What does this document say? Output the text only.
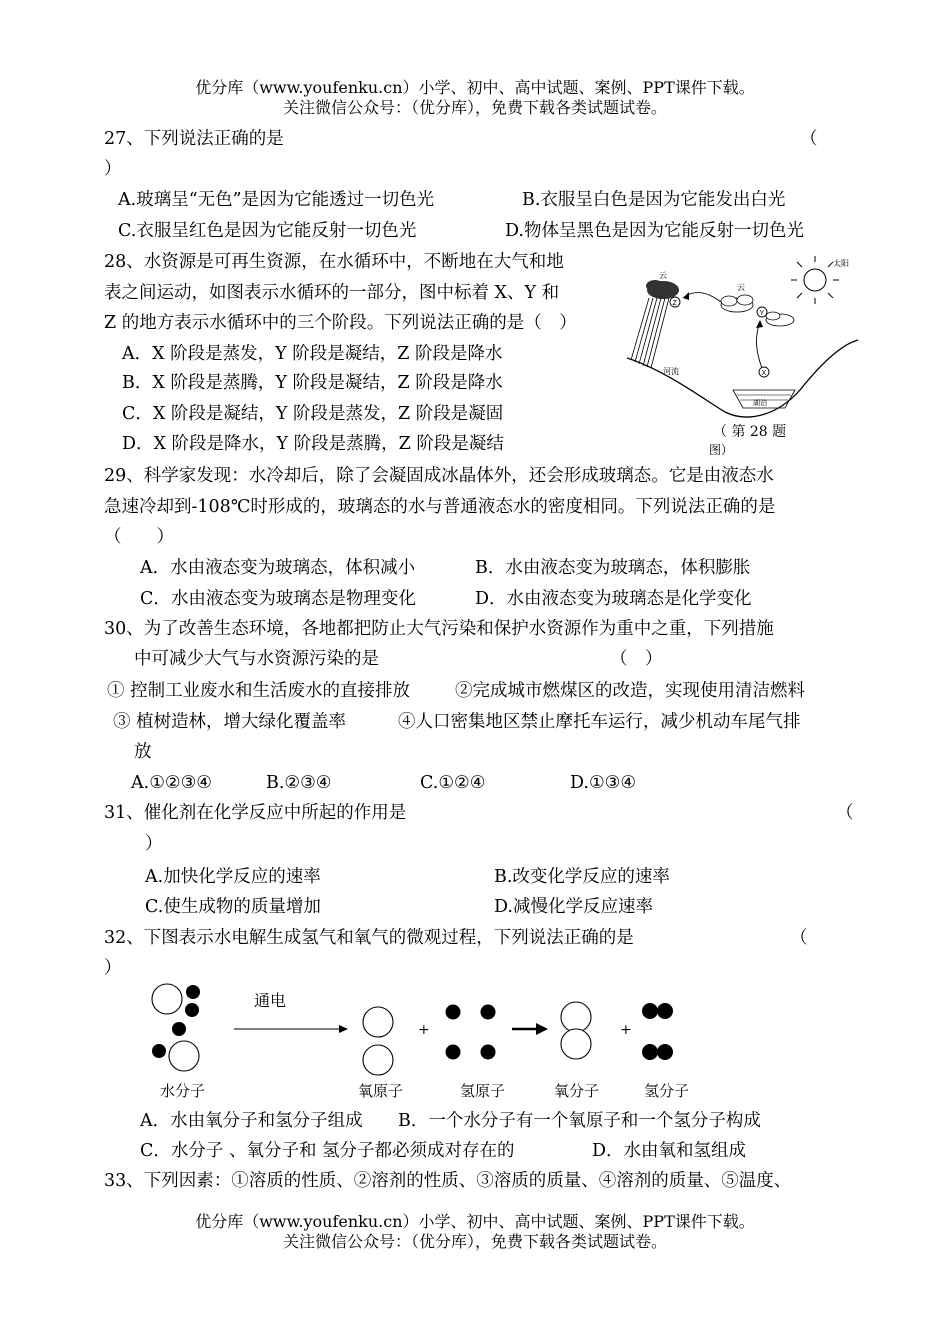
优分库（www.youfenku.cn）小学、初中、高中试题、案例、PPT课件下载。
关注微信公众号：（优分库），免费下载各类试题试卷。
27、下列说法正确的是	（
）
A.玻璃呈“无色”是因为它能透过一切色光	B.衣服呈白色是因为它能发出白光
C.衣服呈红色是因为它能反射一切色光	D.物体呈黑色是因为它能反射一切色光
28、水资源是可再生资源，在水循环中，不断地在大气和地
表之间运动，如图表示水循环的一部分，图中标着 X、Y 和
Z 的地方表示水循环中的三个阶段。下列说法正确的是（　）
A．X 阶段是蒸发，Y 阶段是凝结，Z 阶段是降水
B．X 阶段是蒸腾，Y 阶段是凝结，Z 阶段是降水
C．X 阶段是凝结，Y 阶段是蒸发，Z 阶段是凝固
D．X 阶段是降水，Y 阶段是蒸腾，Z 阶段是凝结
Z
云
云
Y
太阳
X
河流
湖泊
（ 第 28 题
图）
29、科学家发现：水冷却后，除了会凝固成冰晶体外，还会形成玻璃态。它是由液态水
急速冷却到-108℃时形成的，玻璃态的水与普通液态水的密度相同。下列说法正确的是
（　　）
A．水由液态变为玻璃态，体积减小	B．水由液态变为玻璃态，体积膨胀
C．水由液态变为玻璃态是物理变化	D．水由液态变为玻璃态是化学变化
30、为了改善生态环境，各地都把防止大气污染和保护水资源作为重中之重，下列措施
中可减少大气与水资源污染的是	（　）
① 控制工业废水和生活废水的直接排放	②完成城市燃煤区的改造，实现使用清洁燃料
③ 植树造林，增大绿化覆盖率	④人口密集地区禁止摩托车运行，减少机动车尾气排
放
A.①②③④	B.②③④	C.①②④	D.①③④
31、催化剂在化学反应中所起的作用是	（
）
A.加快化学反应的速率	B.改变化学反应的速率
C.使生成物的质量增加	D.减慢化学反应速率
32、下图表示水电解生成氢气和氧气的微观过程，下列说法正确的是	（
）
水分子
通电
氧原子
+
氢原子	氧分子
+
氢分子
A．水由氧分子和氢分子组成 B．一个水分子有一个氧原子和一个氢分子构成
C．水分子 、氧分子和 氢分子都必须成对存在的	D．水由氧和氢组成
33、下列因素：①溶质的性质、②溶剂的性质、③溶质的质量、④溶剂的质量、⑤温度、
优分库（www.youfenku.cn）小学、初中、高中试题、案例、PPT课件下载。
关注微信公众号：（优分库），免费下载各类试题试卷。
